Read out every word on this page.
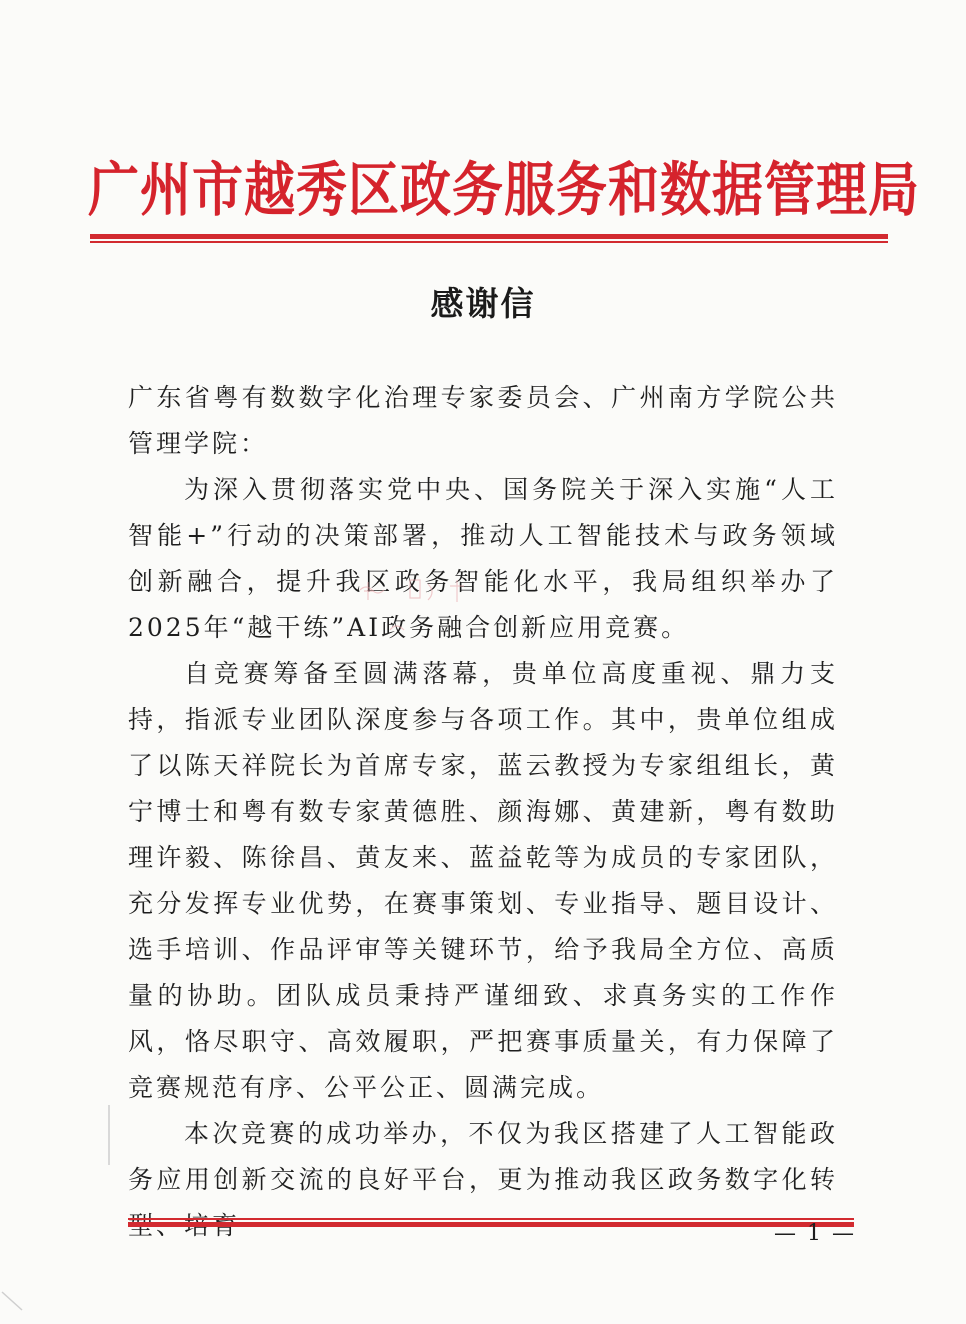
广州市越秀区政务服务和数据管理局
感谢信

广东省粤有数数字化治理专家委员会、广州南方学院公共管理学院：

为深入贯彻落实党中央、国务院关于深入实施“人工智能+”行动的决策部署，推动人工智能技术与政务领域创新融合，提升我区政务智能化水平，我局组织举办了2025年“越干练”AI政务融合创新应用竞赛。

自竞赛筹备至圆满落幕，贵单位高度重视、鼎力支持，指派专业团队深度参与各项工作。其中，贵单位组成了以陈天祥院长为首席专家，蓝云教授为专家组组长，黄宁博士和粤有数专家黄德胜、颜海娜、黄建新，粤有数助理许毅、陈徐昌、黄友来、蓝益乾等为成员的专家团队，充分发挥专业优势，在赛事策划、专业指导、题目设计、选手培训、作品评审等关键环节，给予我局全方位、高质量的协助。团队成员秉持严谨细致、求真务实的工作作风，恪尽职守、高效履职，严把赛事质量关，有力保障了竞赛规范有序、公平公正、圆满完成。

本次竞赛的成功举办，不仅为我区搭建了人工智能政务应用创新交流的良好平台，更为推动我区政务数字化转

— 1 —
